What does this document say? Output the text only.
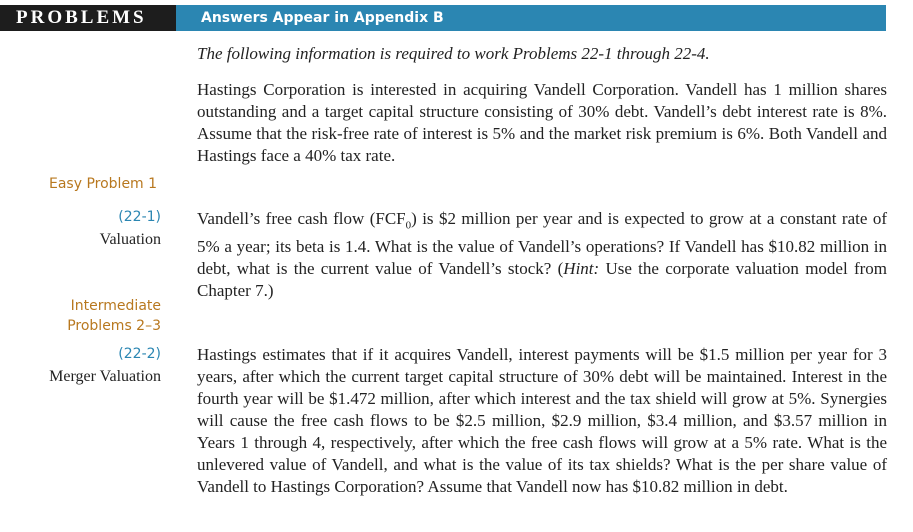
PROBLEMS	Answers Appear in Appendix B
The following information is required to work Problems 22-1 through 22-4.
Hastings Corporation is interested in acquiring Vandell Corporation. Vandell has 1 million shares outstanding and a target capital structure consisting of 30% debt. Vandell’s debt interest rate is 8%. Assume that the risk-free rate of interest is 5% and the market risk premium is 6%. Both Vandell and Hastings face a 40% tax rate.
Easy Problem 1
(22-1)
Valuation
Vandell’s free cash flow $(FCF_0)$ is $2 million per year and is expected to grow at a constant rate of 5% a year; its beta is 1.4. What is the value of Vandell’s operations? If Vandell has $10.82 million in debt, what is the current value of Vandell’s stock? (Hint: Use the corporate valuation model from Chapter 7.)
Intermediate
Problems 2–3
(22-2)
Merger Valuation
Hastings estimates that if it acquires Vandell, interest payments will be $1.5 million per year for 3 years, after which the current target capital structure of 30% debt will be maintained. Interest in the fourth year will be $1.472 million, after which interest and the tax shield will grow at 5%. Synergies will cause the free cash flows to be $2.5 million, $2.9 million, $3.4 million, and $3.57 million in Years 1 through 4, respectively, after which the free cash flows will grow at a 5% rate. What is the unlevered value of Vandell, and what is the value of its tax shields? What is the per share value of Vandell to Hastings Corporation? Assume that Vandell now has $10.82 million in debt.
